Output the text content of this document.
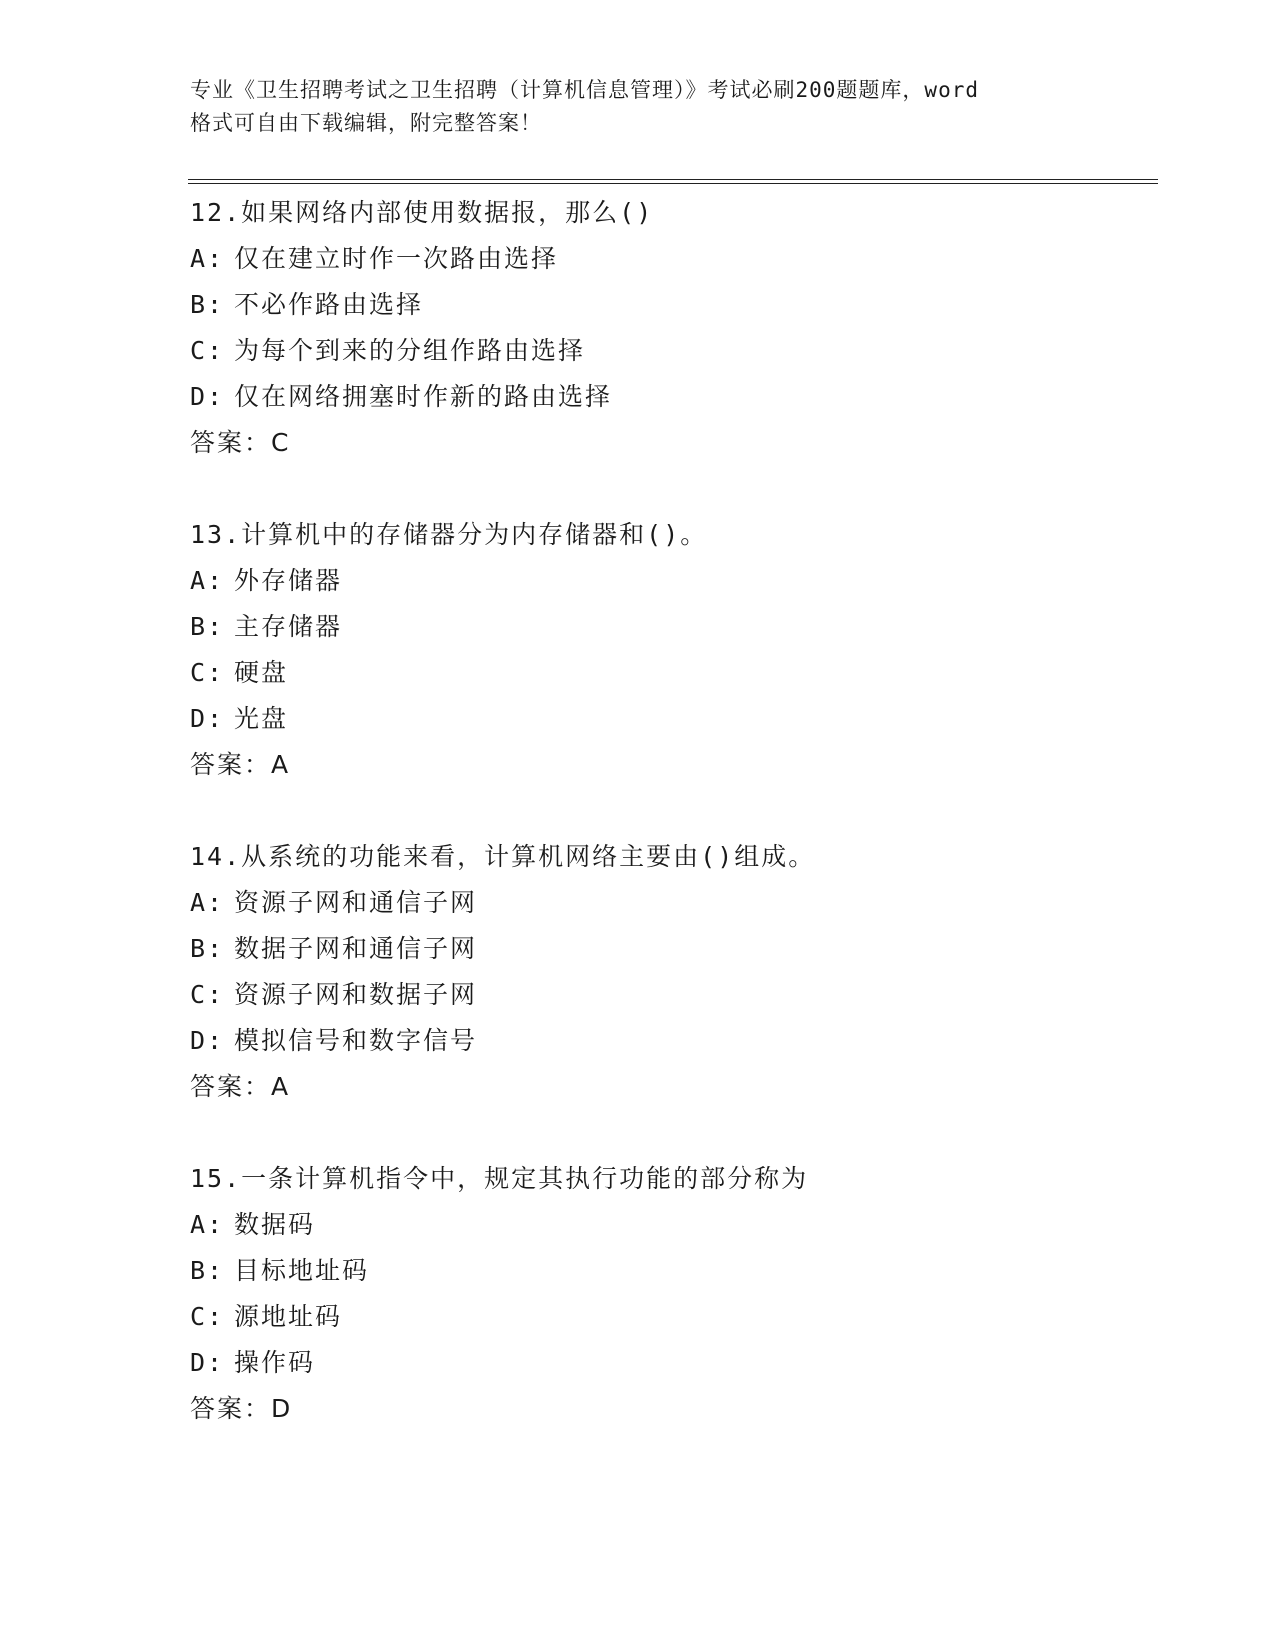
专业《卫生招聘考试之卫生招聘（计算机信息管理）》考试必刷200题题库，word
格式可自由下载编辑，附完整答案！
12.如果网络内部使用数据报，那么()
A: 仅在建立时作一次路由选择
B: 不必作路由选择
C: 为每个到来的分组作路由选择
D: 仅在网络拥塞时作新的路由选择
答案：C
13.计算机中的存储器分为内存储器和()。
A: 外存储器
B: 主存储器
C: 硬盘
D: 光盘
答案：A
14.从系统的功能来看，计算机网络主要由()组成。
A: 资源子网和通信子网
B: 数据子网和通信子网
C: 资源子网和数据子网
D: 模拟信号和数字信号
答案：A
15.一条计算机指令中，规定其执行功能的部分称为
A: 数据码
B: 目标地址码
C: 源地址码
D: 操作码
答案：D
